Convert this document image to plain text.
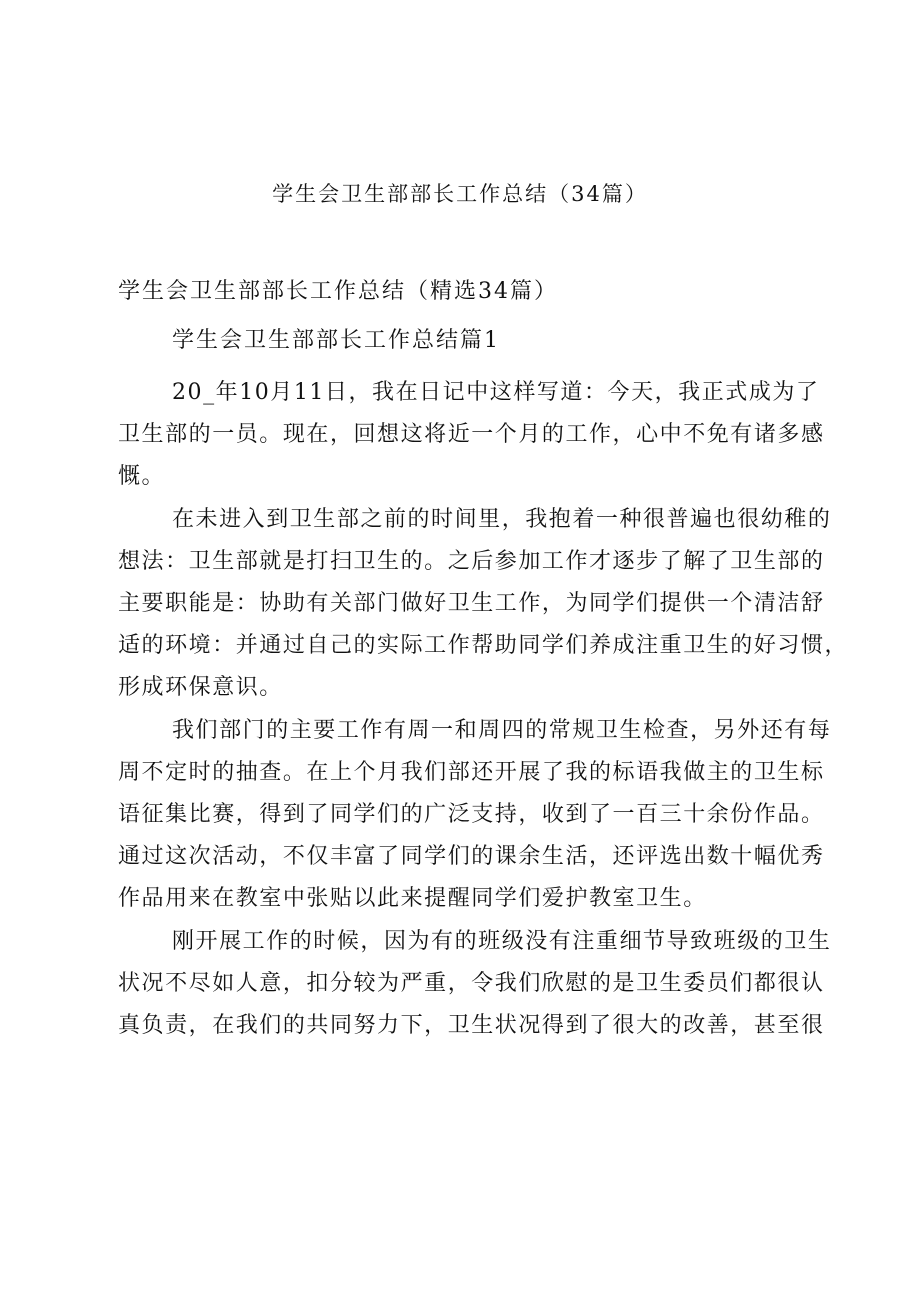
学生会卫生部部长工作总结（34篇）

学生会卫生部部长工作总结（精选34篇）

学生会卫生部部长工作总结篇1

20_年10月11日，我在日记中这样写道：今天，我正式成为了
卫生部的一员。现在，回想这将近一个月的工作，心中不免有诸多感
慨。

在未进入到卫生部之前的时间里，我抱着一种很普遍也很幼稚的
想法：卫生部就是打扫卫生的。之后参加工作才逐步了解了卫生部的
主要职能是：协助有关部门做好卫生工作，为同学们提供一个清洁舒
适的环境：并通过自己的实际工作帮助同学们养成注重卫生的好习惯，
形成环保意识。

我们部门的主要工作有周一和周四的常规卫生检查，另外还有每
周不定时的抽查。在上个月我们部还开展了我的标语我做主的卫生标
语征集比赛，得到了同学们的广泛支持，收到了一百三十余份作品。
通过这次活动，不仅丰富了同学们的课余生活，还评选出数十幅优秀
作品用来在教室中张贴以此来提醒同学们爱护教室卫生。

刚开展工作的时候，因为有的班级没有注重细节导致班级的卫生
状况不尽如人意，扣分较为严重，令我们欣慰的是卫生委员们都很认
真负责，在我们的共同努力下，卫生状况得到了很大的改善，甚至很
